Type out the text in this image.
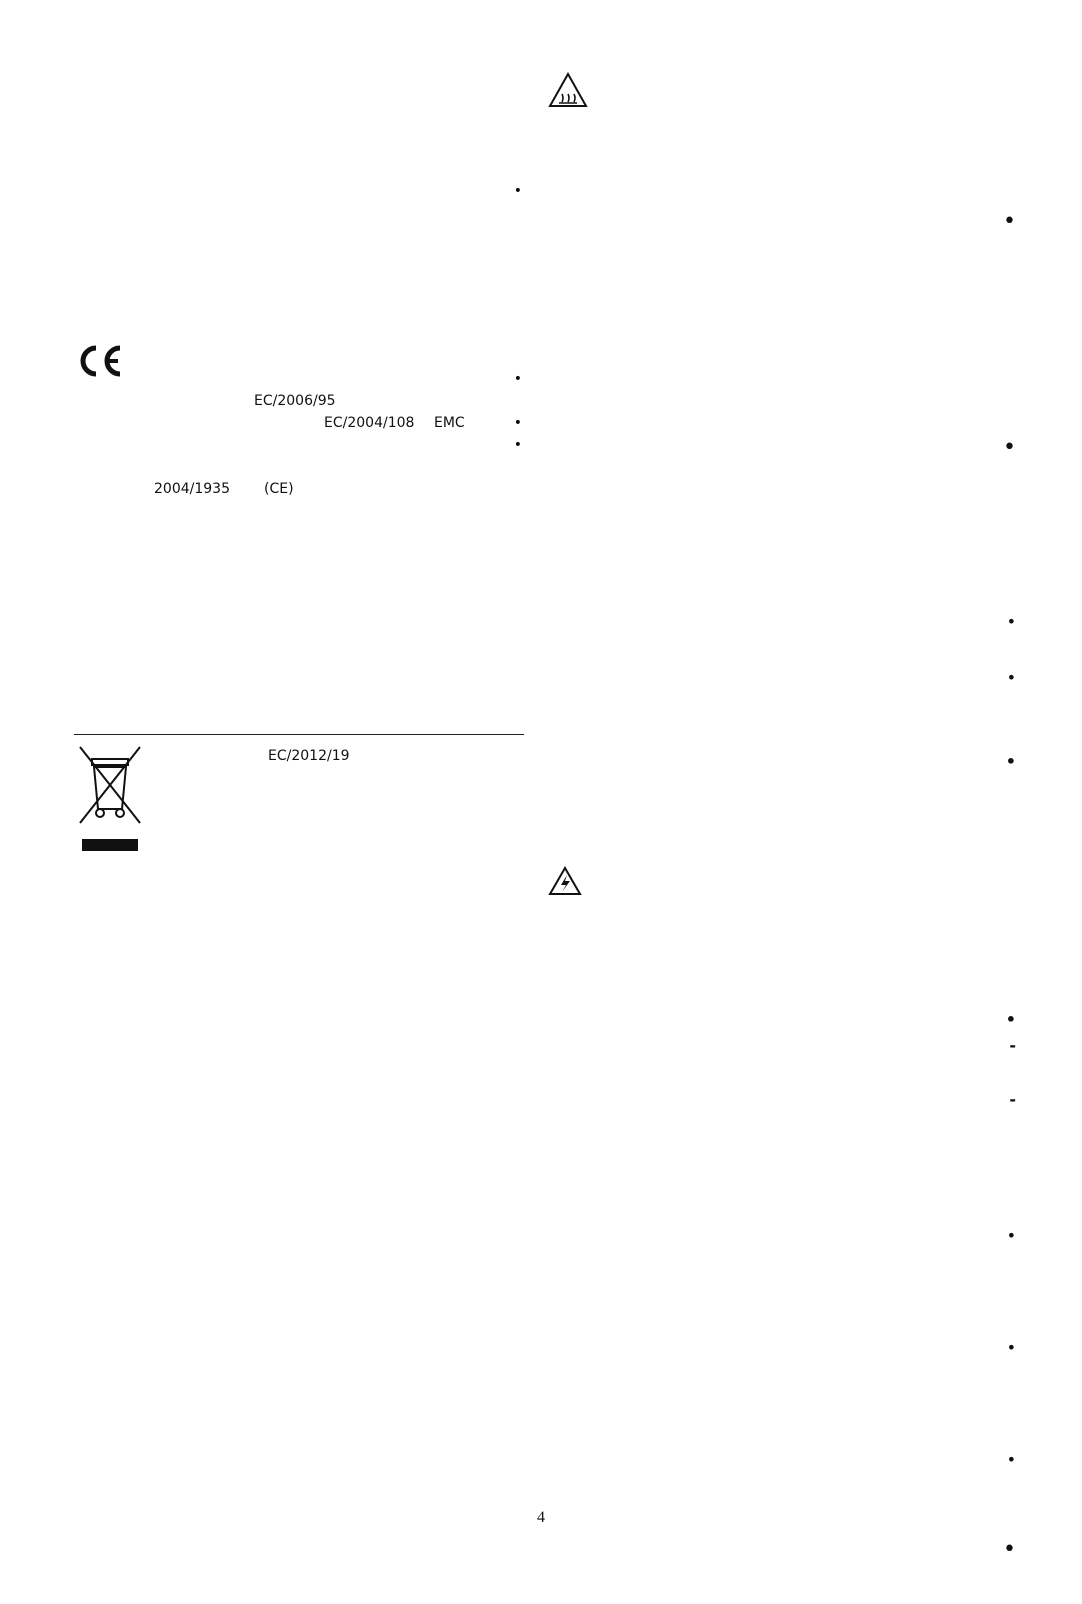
•
•
•
•
•
•
-
-
•
•
•
•
•
•
2006/95/EC
•
2004/108/EC EMC
•
(CE)
2004/1935
2012/19/EC
4
